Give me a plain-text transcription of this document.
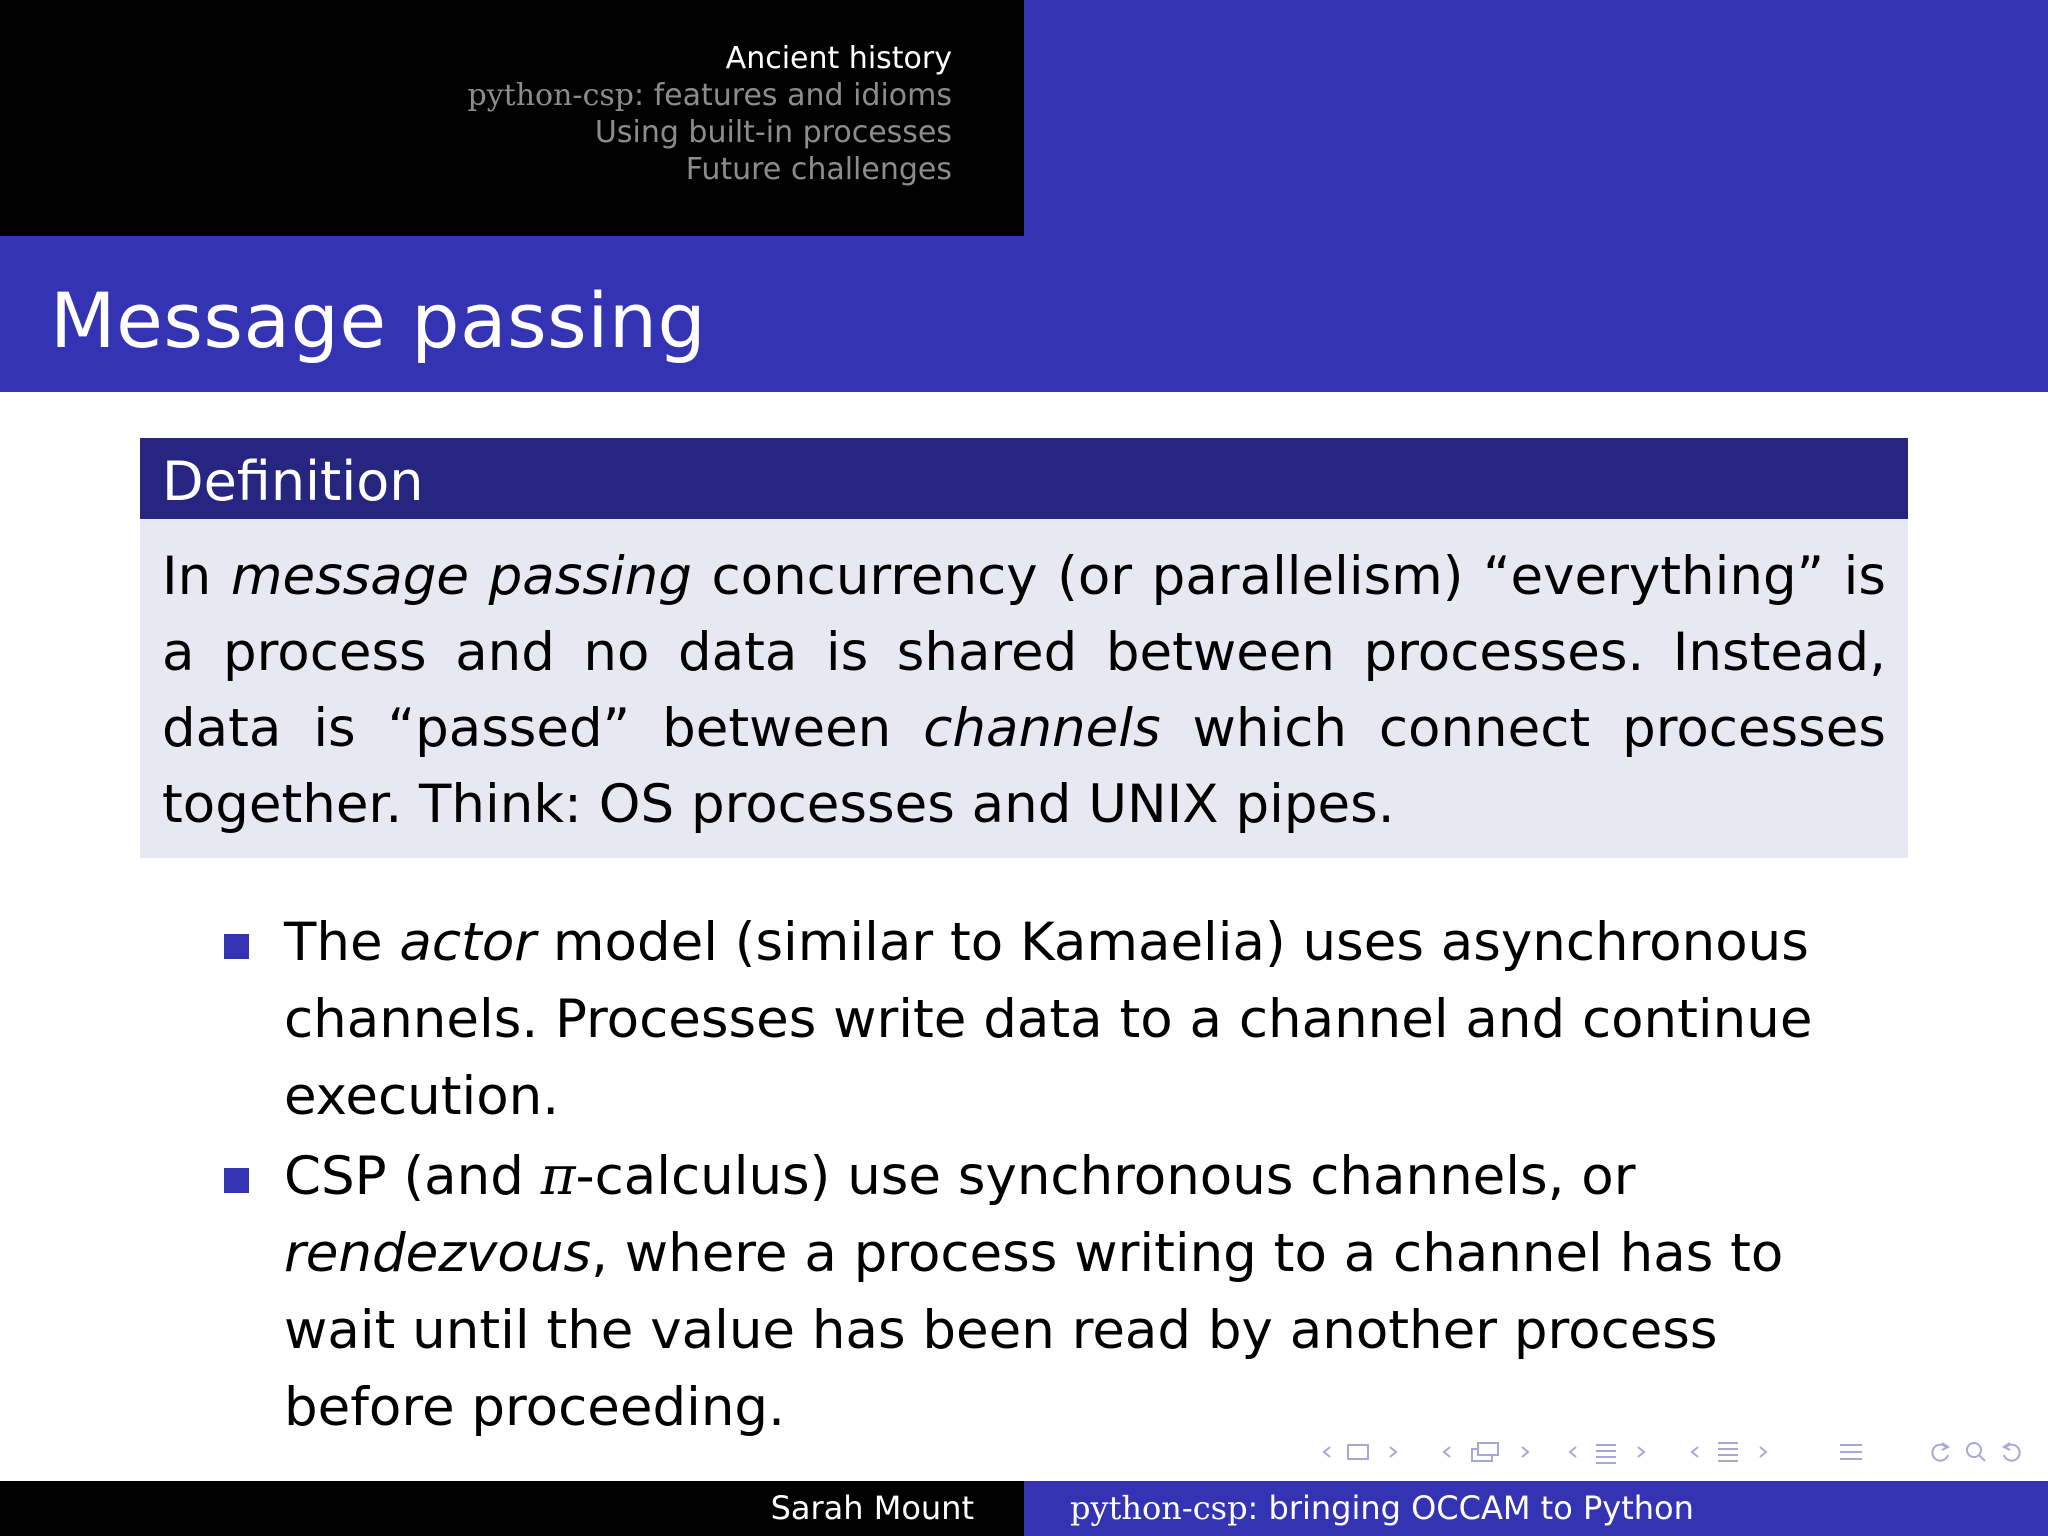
Ancient history
python-csp: features and idioms
Using built-in processes
Future challenges
Message passing
Definition

In message passing concurrency (or parallelism) “everything” is a process and no data is shared between processes. Instead, data is “passed” between channels which connect processes together. Think: OS processes and UNIX pipes.

The actor model (similar to Kamaelia) uses asynchronous channels. Processes write data to a channel and continue execution.
CSP (and π-calculus) use synchronous channels, or rendezvous, where a process writing to a channel has to wait until the value has been read by another process before proceeding.
Sarah Mount	python-csp: bringing OCCAM to Python
